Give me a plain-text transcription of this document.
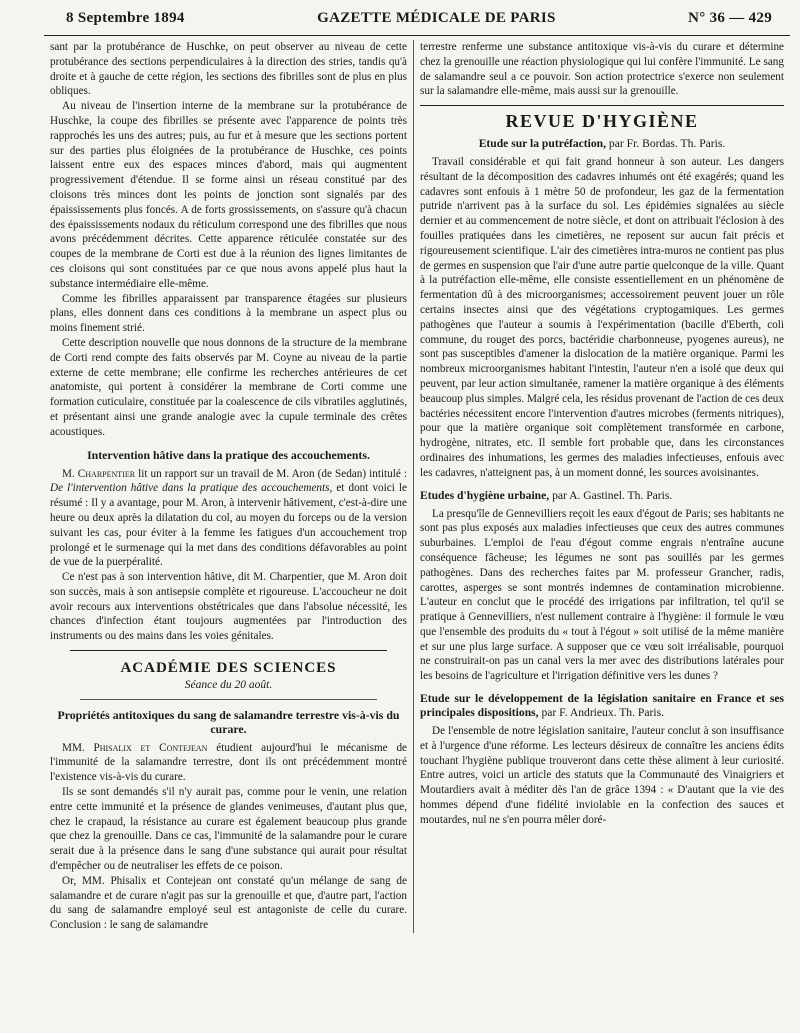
8 Septembre 1894	GAZETTE MÉDICALE DE PARIS	N° 36 — 429

sant par la protubérance de Huschke, on peut observer au niveau de cette protubérance des sections perpendiculaires à la direction des stries, tandis qu'à droite et à gauche de cette région, les sections des fibrilles sont de plus en plus obliques.

Au niveau de l'insertion interne de la membrane sur la protubérance de Huschke, la coupe des fibrilles se présente avec l'apparence de points très rapprochés les uns des autres; puis, au fur et à mesure que les sections portent sur des parties plus éloignées de la protubérance de Huschke, ces points laissent entre eux des espaces minces d'abord, mais qui augmentent progressivement d'étendue. Il se forme ainsi un réseau constitué par des cloisons très minces dont les points de jonction sont signalés par des épaississements plus foncés. A de forts grossissements, on s'assure qu'à chacun des épaississements nodaux du réticulum correspond une des fibrilles que nous avons précédemment décrites. Cette apparence réticulée constatée sur des coupes de la membrane de Corti est due à la réunion des lignes limitantes de ces cloisons qui sont constituées par ce que nous avons appelé plus haut la substance intermédiaire elle-même.

Comme les fibrilles apparaissent par transparence étagées sur plusieurs plans, elles donnent dans ces conditions à la membrane un aspect plus ou moins finement strié.

Cette description nouvelle que nous donnons de la structure de la membrane de Corti rend compte des faits observés par M. Coyne au niveau de la partie externe de cette membrane; elle confirme les recherches antérieures de cet anatomiste, qui portent à considérer la membrane de Corti comme une formation cuticulaire, constituée par la coalescence de cils vibratiles agglutinés, et présentant ainsi une grande analogie avec la cupule terminale des crêtes acoustiques.

Intervention hâtive dans la pratique des accouchements.

M. Charpentier lit un rapport sur un travail de M. Aron (de Sedan) intitulé : De l'intervention hâtive dans la pratique des accouchements, et dont voici le résumé : Il y a avantage, pour M. Aron, à intervenir hâtivement, c'est-à-dire une heure ou deux après la dilatation du col, au moyen du forceps ou de la version suivant les cas, pour éviter à la femme les fatigues d'un accouchement trop prolongé et le surmenage qui la met dans des conditions défavorables au point de vue de la puerpéralité.

Ce n'est pas à son intervention hâtive, dit M. Charpentier, que M. Aron doit son succès, mais à son antisepsie complète et rigoureuse. L'accoucheur ne doit avoir recours aux interventions obstétricales que dans l'absolue nécessité, les chances d'infection étant toujours augmentées par l'introduction des instruments ou des mains dans les voies génitales.

ACADÉMIE DES SCIENCES
Séance du 20 août.
Propriétés antitoxiques du sang de salamandre terrestre vis-à-vis du curare.

MM. Phisalix et Contejean étudient aujourd'hui le mécanisme de l'immunité de la salamandre terrestre, dont ils ont précédemment montré l'existence vis-à-vis du curare.

Ils se sont demandés s'il n'y aurait pas, comme pour le venin, une relation entre cette immunité et la présence de glandes venimeuses, d'autant plus que, chez le crapaud, la résistance au curare est également beaucoup plus grande que chez la grenouille. Dans ce cas, l'immunité de la salamandre pour le curare serait due à la présence dans le sang d'une substance qui aurait pour résultat d'empêcher ou de neutraliser les effets de ce poison.

Or, MM. Phisalix et Contejean ont constaté qu'un mélange de sang de salamandre et de curare n'agit pas sur la grenouille et que, d'autre part, l'action du sang de salamandre employé seul est antagoniste de celle du curare. Conclusion : le sang de salamandre

terrestre renferme une substance antitoxique vis-à-vis du curare et détermine chez la grenouille une réaction physiologique qui lui confère l'immunité. Le sang de salamandre seul a ce pouvoir. Son action protectrice s'exerce non seulement sur la salamandre elle-même, mais aussi sur la grenouille.

REVUE D'HYGIÈNE
Etude sur la putréfaction, par Fr. Bordas. Th. Paris.

Travail considérable et qui fait grand honneur à son auteur. Les dangers résultant de la décomposition des cadavres inhumés ont été exagérés; quand les cadavres sont enfouis à 1 mètre 50 de profondeur, les gaz de la fermentation putride n'arrivent pas à la surface du sol. Les épidémies signalées au siècle dernier et au commencement de notre siècle, et dont on attribuait l'éclosion à des fouilles pratiquées dans les cimetières, ne reposent sur aucun fait précis et rigoureusement scientifique. L'air des cimetières intra-muros ne contient pas plus de germes en suspension que l'air d'une autre partie quelconque de la ville. Quant à la putréfaction elle-même, elle consiste essentiellement en un phénomène de fermentation dû à des microorganismes; accessoirement peuvent jouer un rôle certains insectes ainsi que des végétations cryptogamiques. Les germes pathogènes que l'auteur a soumis à l'expérimentation (bacille d'Eberth, coli commune, du rouget des porcs, bactéridie charbonneuse, pyogenes aureus), ne sont pas susceptibles d'amener la dislocation de la matière organique. Parmi les nombreux microorganismes habitant l'intestin, l'auteur n'en a isolé que deux qui peuvent, par leur action simultanée, ramener la matière organique à des éléments beaucoup plus simples. Malgré cela, les résidus provenant de l'action de ces deux bactéries nécessitent encore l'intervention d'autres microbes (ferments nitriques), pour que la matière organique soit complètement transformée en carbone, hydrogène, nitrates, etc. Il semble fort probable que, dans les circonstances ordinaires des inhumations, les germes des maladies infectieuses, enfouis avec les cadavres, n'atteignent pas, à un moment donné, les sources avoisinantes.

Etudes d'hygiène urbaine, par A. Gastinel. Th. Paris.

La presqu'île de Gennevilliers reçoit les eaux d'égout de Paris; ses habitants ne sont pas plus exposés aux maladies infectieuses que ceux des autres communes suburbaines. L'emploi de l'eau d'égout comme engrais n'entraîne aucune conséquence fâcheuse; les légumes ne sont pas souillés par les germes pathogènes. Dans des recherches faites par M. professeur Grancher, radis, carottes, asperges se sont montrés indemnes de contamination microbienne. L'auteur en conclut que le procédé des irrigations par infiltration, tel qu'il se pratique à Gennevilliers, n'est nullement contraire à l'hygiène: il formule le vœu que l'ensemble des produits du « tout à l'égout » soit utilisé de la même manière et sur une plus large surface. A supposer que ce vœu soit irréalisable, pourquoi ne construirait-on pas un canal vers la mer avec des distributions latérales pour les besoins de l'agriculture et l'irrigation définitive vers les dunes ?

Etude sur le développement de la législation sanitaire en France et ses principales dispositions, par F. Andrieux. Th. Paris.

De l'ensemble de notre législation sanitaire, l'auteur conclut à son insuffisance et à l'urgence d'une réforme. Les lecteurs désireux de connaître les anciens édits touchant l'hygiène publique trouveront dans cette thèse aliment à leur curiosité. Entre autres, voici un article des statuts que la Communauté des Vinaigriers et Moutardiers avait à méditer dès l'an de grâce 1394 : « D'autant que la vie des hommes dépend d'une fidélité inviolable en la confection des sauces et moutardes, nul ne s'en pourra mêler doré-
